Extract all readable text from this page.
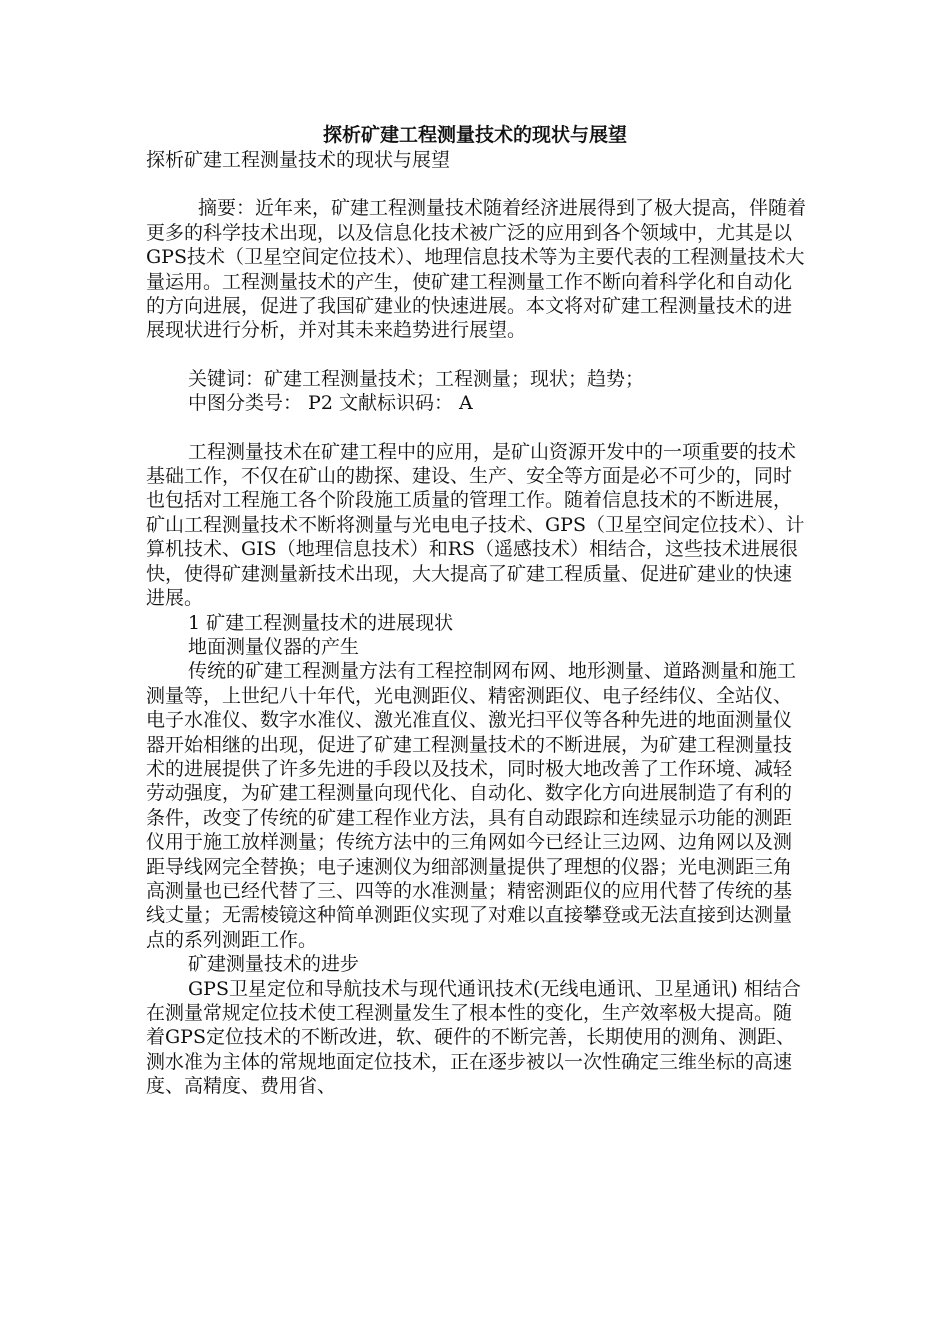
探析矿建工程测量技术的现状与展望

探析矿建工程测量技术的现状与展望

摘要：近年来，矿建工程测量技术随着经济进展得到了极大提高，伴随着更多的科学技术出现，以及信息化技术被广泛的应用到各个领域中，尤其是以GPS技术（卫星空间定位技术）、地理信息技术等为主要代表的工程测量技术大量运用。工程测量技术的产生，使矿建工程测量工作不断向着科学化和自动化的方向进展，促进了我国矿建业的快速进展。本文将对矿建工程测量技术的进展现状进行分析，并对其未来趋势进行展望。

关键词：矿建工程测量技术；工程测量；现状；趋势；

中图分类号： P2 文献标识码： A

工程测量技术在矿建工程中的应用，是矿山资源开发中的一项重要的技术基础工作，不仅在矿山的勘探、建设、生产、安全等方面是必不可少的，同时也包括对工程施工各个阶段施工质量的管理工作。随着信息技术的不断进展，矿山工程测量技术不断将测量与光电电子技术、GPS（卫星空间定位技术）、计算机技术、GIS（地理信息技术）和RS（遥感技术）相结合，这些技术进展很快，使得矿建测量新技术出现，大大提高了矿建工程质量、促进矿建业的快速进展。

1 矿建工程测量技术的进展现状

地面测量仪器的产生

传统的矿建工程测量方法有工程控制网布网、地形测量、道路测量和施工测量等，上世纪八十年代，光电测距仪、精密测距仪、电子经纬仪、全站仪、电子水准仪、数字水准仪、激光准直仪、激光扫平仪等各种先进的地面测量仪器开始相继的出现，促进了矿建工程测量技术的不断进展，为矿建工程测量技术的进展提供了许多先进的手段以及技术，同时极大地改善了工作环境、减轻劳动强度，为矿建工程测量向现代化、自动化、数字化方向进展制造了有利的条件，改变了传统的矿建工程作业方法，具有自动跟踪和连续显示功能的测距仪用于施工放样测量；传统方法中的三角网如今已经让三边网、边角网以及测距导线网完全替换；电子速测仪为细部测量提供了理想的仪器；光电测距三角高测量也已经代替了三、四等的水准测量；精密测距仪的应用代替了传统的基线丈量；无需棱镜这种简单测距仪实现了对难以直接攀登或无法直接到达测量点的系列测距工作。

矿建测量技术的进步

GPS卫星定位和导航技术与现代通讯技术(无线电通讯、卫星通讯) 相结合在测量常规定位技术使工程测量发生了根本性的变化，生产效率极大提高。随着GPS定位技术的不断改进，软、硬件的不断完善，长期使用的测角、测距、测水准为主体的常规地面定位技术，正在逐步被以一次性确定三维坐标的高速度、高精度、费用省、
